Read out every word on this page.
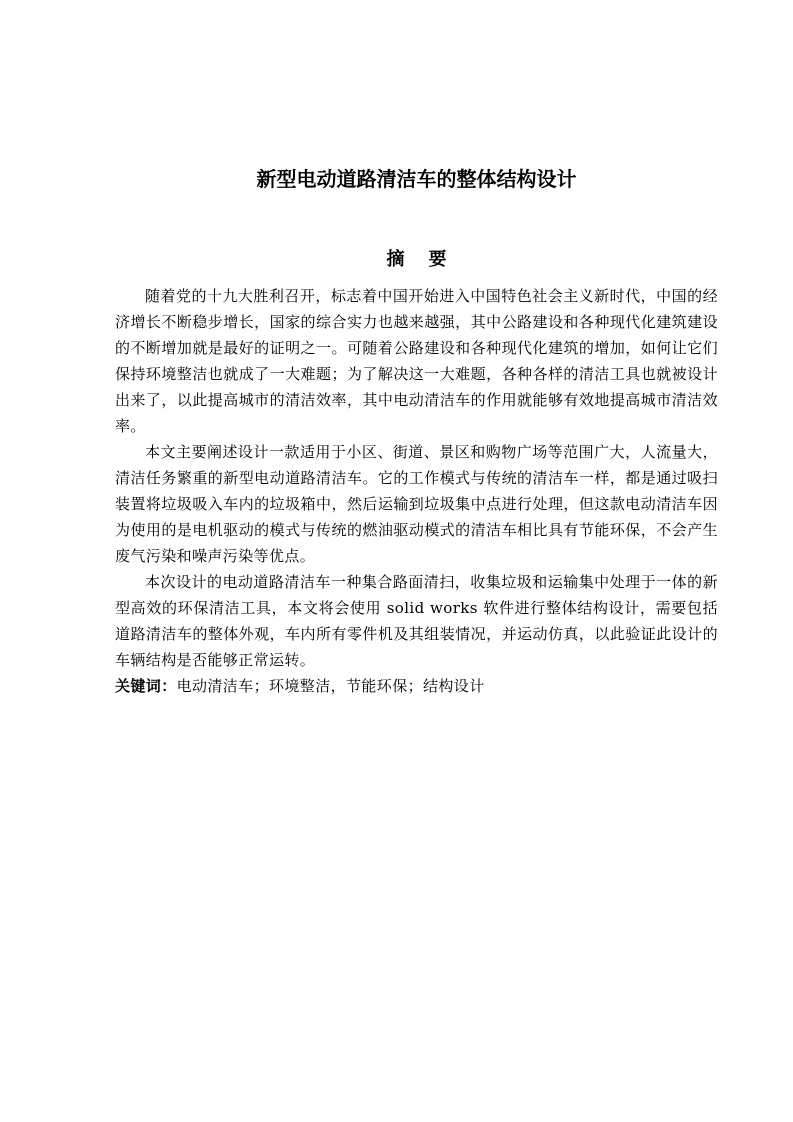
新型电动道路清洁车的整体结构设计
摘 要

随着党的十九大胜利召开，标志着中国开始进入中国特色社会主义新时代，中国的经济增长不断稳步增长，国家的综合实力也越来越强，其中公路建设和各种现代化建筑建设的不断增加就是最好的证明之一。可随着公路建设和各种现代化建筑的增加，如何让它们保持环境整洁也就成了一大难题；为了解决这一大难题，各种各样的清洁工具也就被设计出来了，以此提高城市的清洁效率，其中电动清洁车的作用就能够有效地提高城市清洁效率。

本文主要阐述设计一款适用于小区、街道、景区和购物广场等范围广大，人流量大，清洁任务繁重的新型电动道路清洁车。它的工作模式与传统的清洁车一样，都是通过吸扫装置将垃圾吸入车内的垃圾箱中，然后运输到垃圾集中点进行处理，但这款电动清洁车因为使用的是电机驱动的模式与传统的燃油驱动模式的清洁车相比具有节能环保，不会产生废气污染和噪声污染等优点。

本次设计的电动道路清洁车一种集合路面清扫，收集垃圾和运输集中处理于一体的新型高效的环保清洁工具，本文将会使用 solid works 软件进行整体结构设计，需要包括道路清洁车的整体外观，车内所有零件机及其组装情况，并运动仿真，以此验证此设计的车辆结构是否能够正常运转。

关键词：电动清洁车；环境整洁，节能环保；结构设计
